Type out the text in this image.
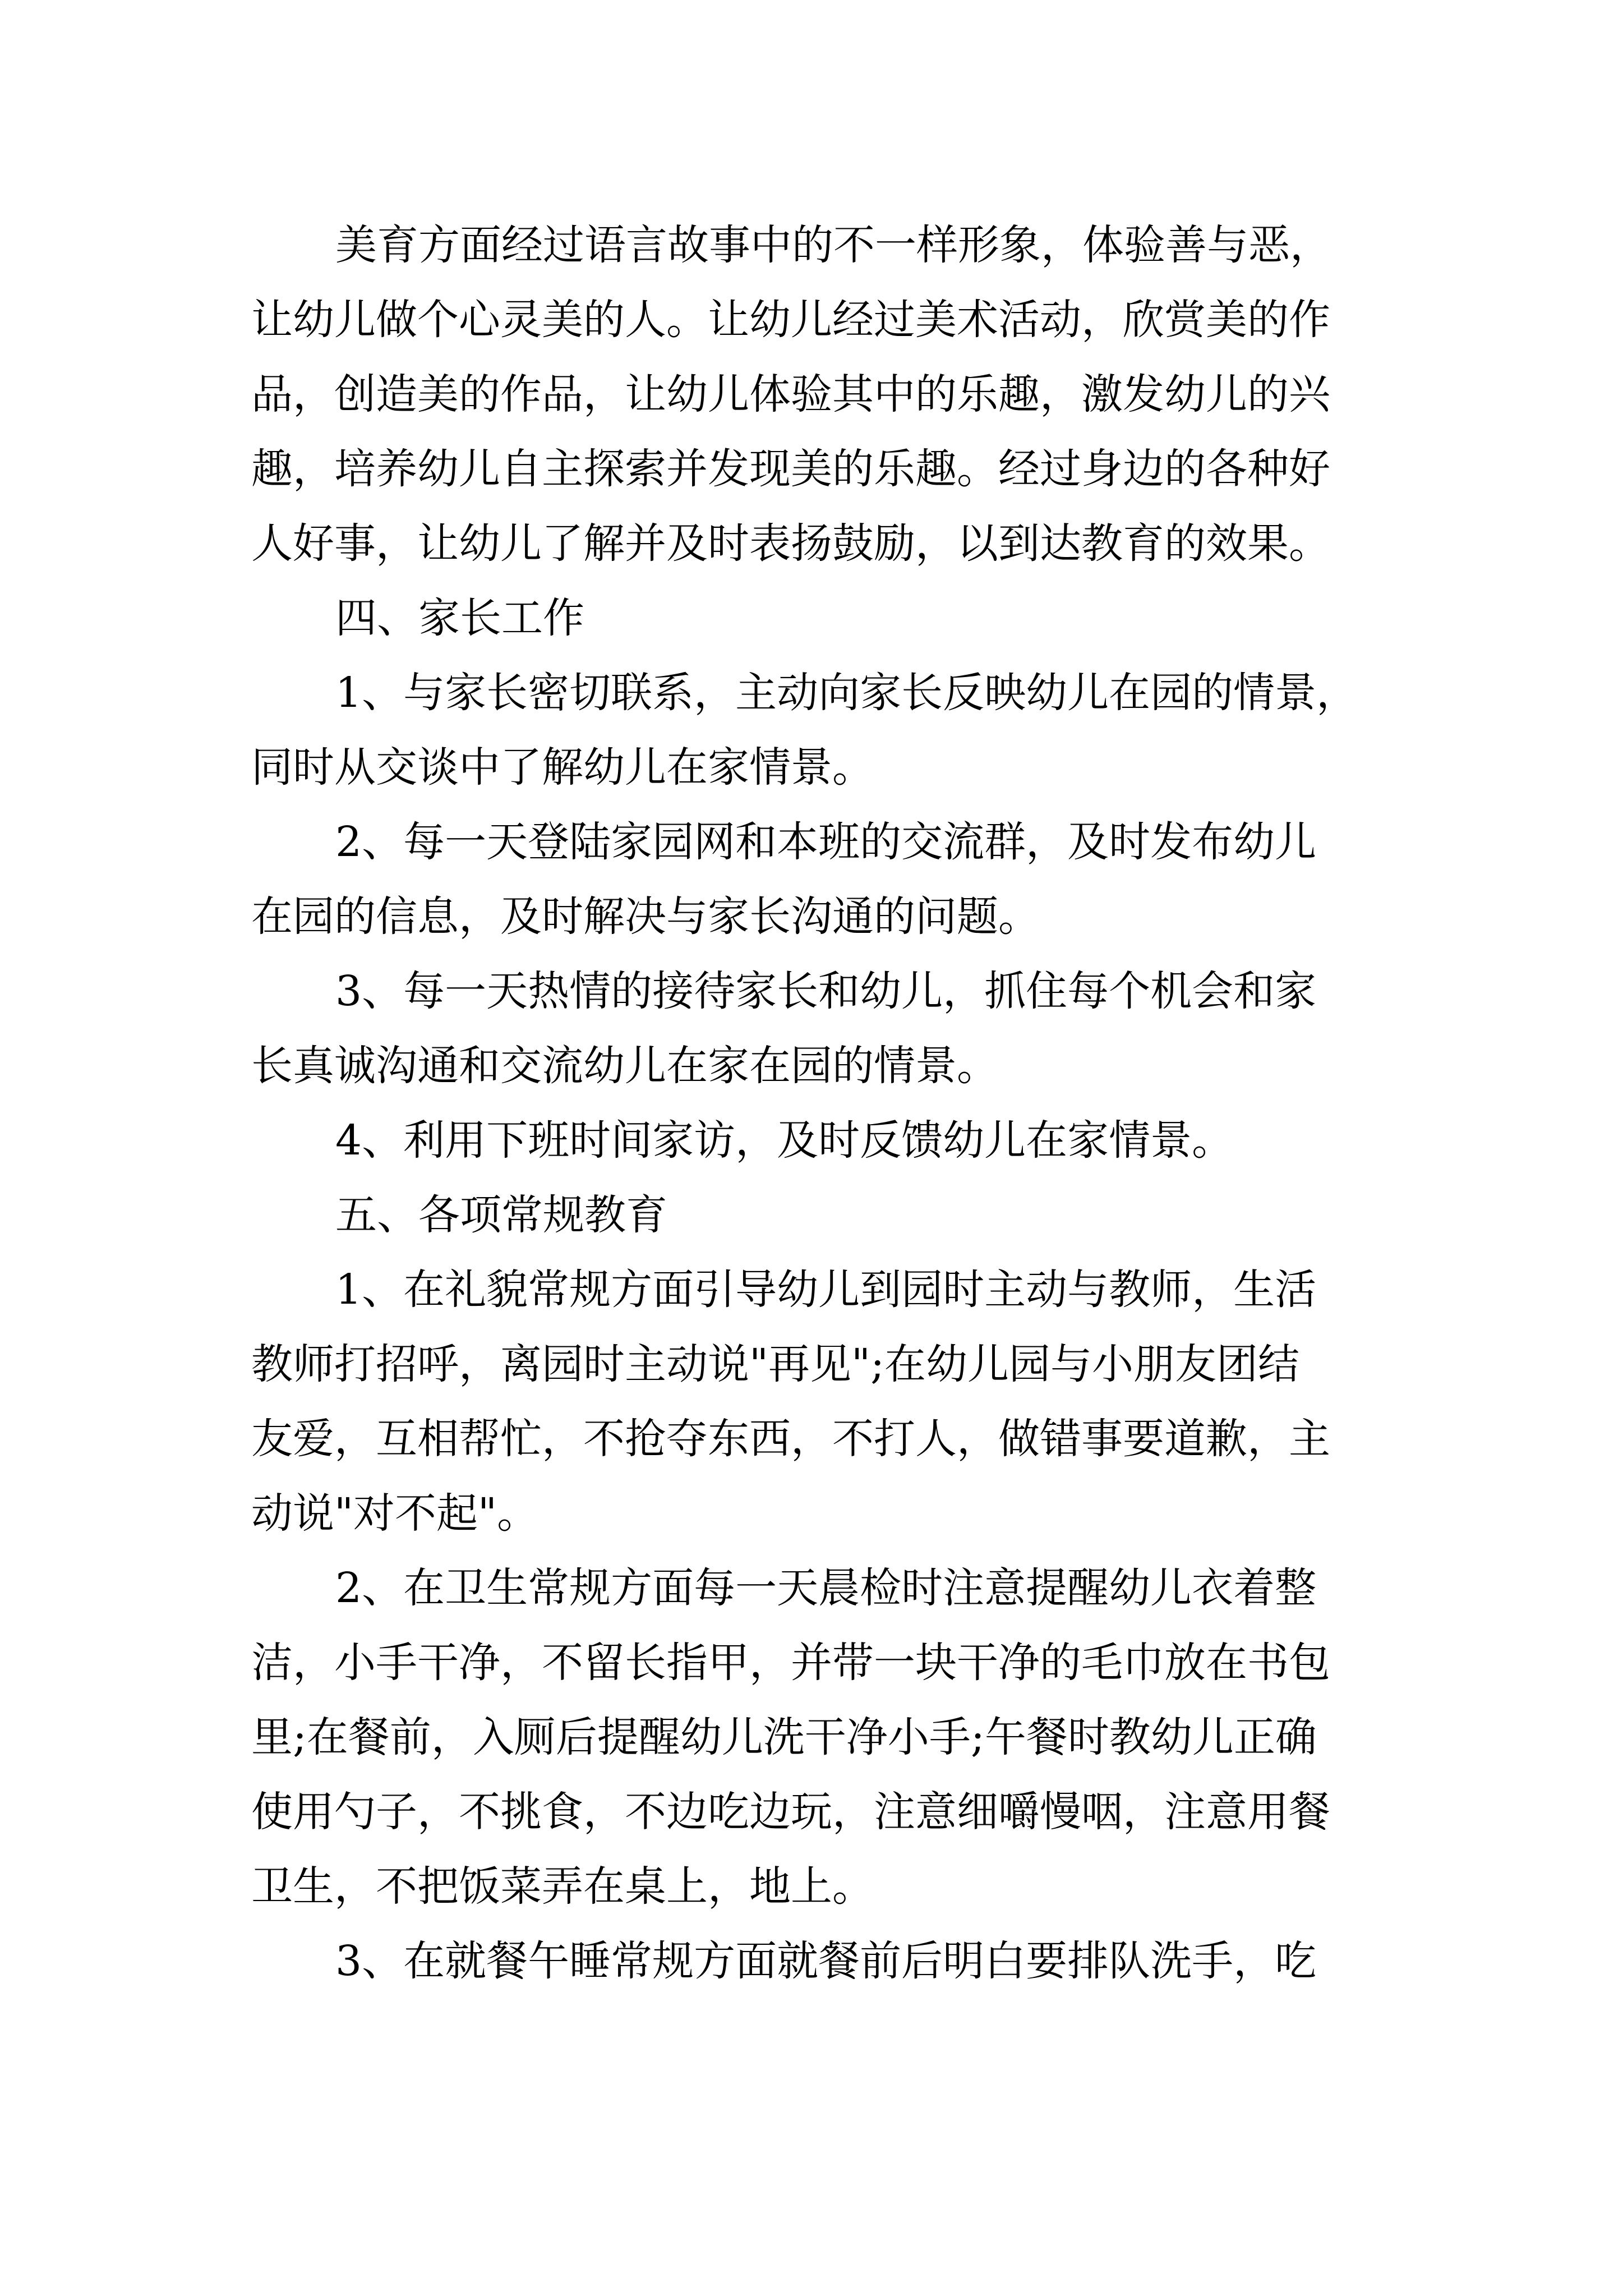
美育方面经过语言故事中的不一样形象，体验善与恶，

让幼儿做个心灵美的人。让幼儿经过美术活动，欣赏美的作

品，创造美的作品，让幼儿体验其中的乐趣，激发幼儿的兴

趣，培养幼儿自主探索并发现美的乐趣。经过身边的各种好

人好事，让幼儿了解并及时表扬鼓励，以到达教育的效果。

四、家长工作

1、与家长密切联系，主动向家长反映幼儿在园的情景，

同时从交谈中了解幼儿在家情景。

2、每一天登陆家园网和本班的交流群，及时发布幼儿

在园的信息，及时解决与家长沟通的问题。

3、每一天热情的接待家长和幼儿，抓住每个机会和家

长真诚沟通和交流幼儿在家在园的情景。

4、利用下班时间家访，及时反馈幼儿在家情景。

五、各项常规教育

1、在礼貌常规方面引导幼儿到园时主动与教师，生活

教师打招呼，离园时主动说"再见";在幼儿园与小朋友团结

友爱，互相帮忙，不抢夺东西，不打人，做错事要道歉，主

动说"对不起"。

2、在卫生常规方面每一天晨检时注意提醒幼儿衣着整

洁，小手干净，不留长指甲，并带一块干净的毛巾放在书包

里;在餐前，入厕后提醒幼儿洗干净小手;午餐时教幼儿正确

使用勺子，不挑食，不边吃边玩，注意细嚼慢咽，注意用餐

卫生，不把饭菜弄在桌上，地上。

3、在就餐午睡常规方面就餐前后明白要排队洗手，吃
